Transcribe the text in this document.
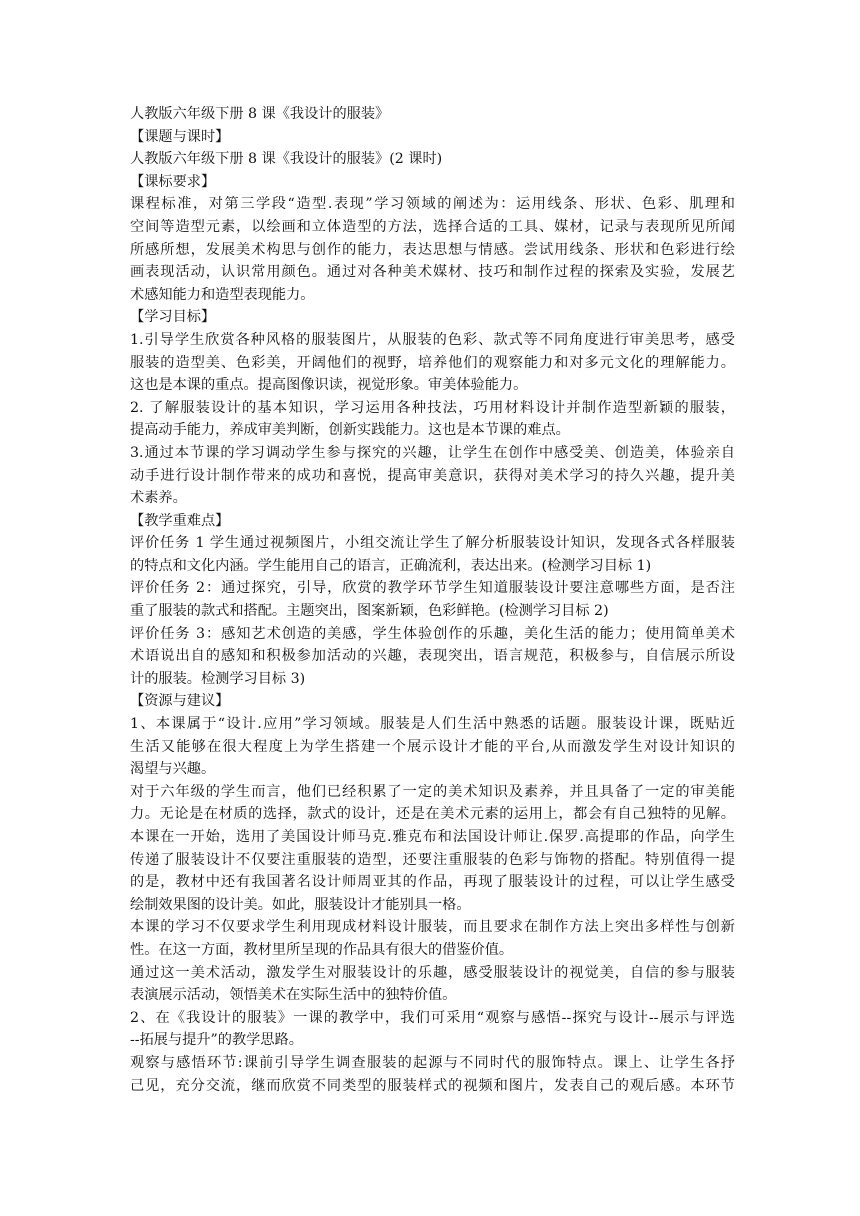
人教版六年级下册 8 课《我设计的服装》
【课题与课时】
人教版六年级下册 8 课《我设计的服装》(2 课时)
【课标要求】
课程标准，对第三学段“造型.表现”学习领域的阐述为：运用线条、形状、色彩、肌理和
空间等造型元素，以绘画和立体造型的方法，选择合适的工具、媒材，记录与表现所见所闻
所感所想，发展美术构思与创作的能力，表达思想与情感。尝试用线条、形状和色彩进行绘
画表现活动，认识常用颜色。通过对各种美术媒材、技巧和制作过程的探索及实验，发展艺
术感知能力和造型表现能力。
【学习目标】
1.引导学生欣赏各种风格的服装图片，从服装的色彩、款式等不同角度进行审美思考，感受
服装的造型美、色彩美，开阔他们的视野，培养他们的观察能力和对多元文化的理解能力。
这也是本课的重点。提高图像识读，视觉形象。审美体验能力。
2. 了解服装设计的基本知识，学习运用各种技法，巧用材料设计并制作造型新颖的服装，
提高动手能力，养成审美判断，创新实践能力。这也是本节课的难点。
3.通过本节课的学习调动学生参与探究的兴趣，让学生在创作中感受美、创造美，体验亲自
动手进行设计制作带来的成功和喜悦，提高审美意识，获得对美术学习的持久兴趣，提升美
术素养。
【教学重难点】
评价任务 1 学生通过视频图片，小组交流让学生了解分析服装设计知识，发现各式各样服装
的特点和文化内涵。学生能用自己的语言，正确流利，表达出来。(检测学习目标 1)
评价任务 2：通过探究，引导，欣赏的教学环节学生知道服装设计要注意哪些方面，是否注
重了服装的款式和搭配。主题突出，图案新颖，色彩鲜艳。(检测学习目标 2)
评价任务 3：感知艺术创造的美感，学生体验创作的乐趣，美化生活的能力；使用简单美术
术语说出自的感知和积极参加活动的兴趣，表现突出，语言规范，积极参与，自信展示所设
计的服装。检测学习目标 3)
【资源与建议】
1、本课属于“设计.应用”学习领域。服装是人们生活中熟悉的话题。服装设计课，既贴近
生活又能够在很大程度上为学生搭建一个展示设计才能的平台,从而激发学生对设计知识的
渴望与兴趣。
对于六年级的学生而言，他们已经积累了一定的美术知识及素养，并且具备了一定的审美能
力。无论是在材质的选择，款式的设计，还是在美术元素的运用上，都会有自己独特的见解。
本课在一开始，选用了美国设计师马克.雅克布和法国设计师让.保罗.高提耶的作品，向学生
传递了服装设计不仅要注重服装的造型，还要注重服装的色彩与饰物的搭配。特别值得一提
的是，教材中还有我国著名设计师周亚其的作品，再现了服装设计的过程，可以让学生感受
绘制效果图的设计美。如此，服装设计才能别具一格。
本课的学习不仅要求学生利用现成材料设计服装，而且要求在制作方法上突出多样性与创新
性。在这一方面，教材里所呈现的作品具有很大的借鉴价值。
通过这一美术活动，激发学生对服装设计的乐趣，感受服装设计的视觉美，自信的参与服装
表演展示活动，领悟美术在实际生活中的独特价值。
2、在《我设计的服装》一课的教学中，我们可采用“观察与感悟--探究与设计--展示与评选
--拓展与提升”的教学思路。
观察与感悟环节:课前引导学生调查服装的起源与不同时代的服饰特点。课上、让学生各抒
己见，充分交流，继而欣赏不同类型的服装样式的视频和图片，发表自己的观后感。本环节
